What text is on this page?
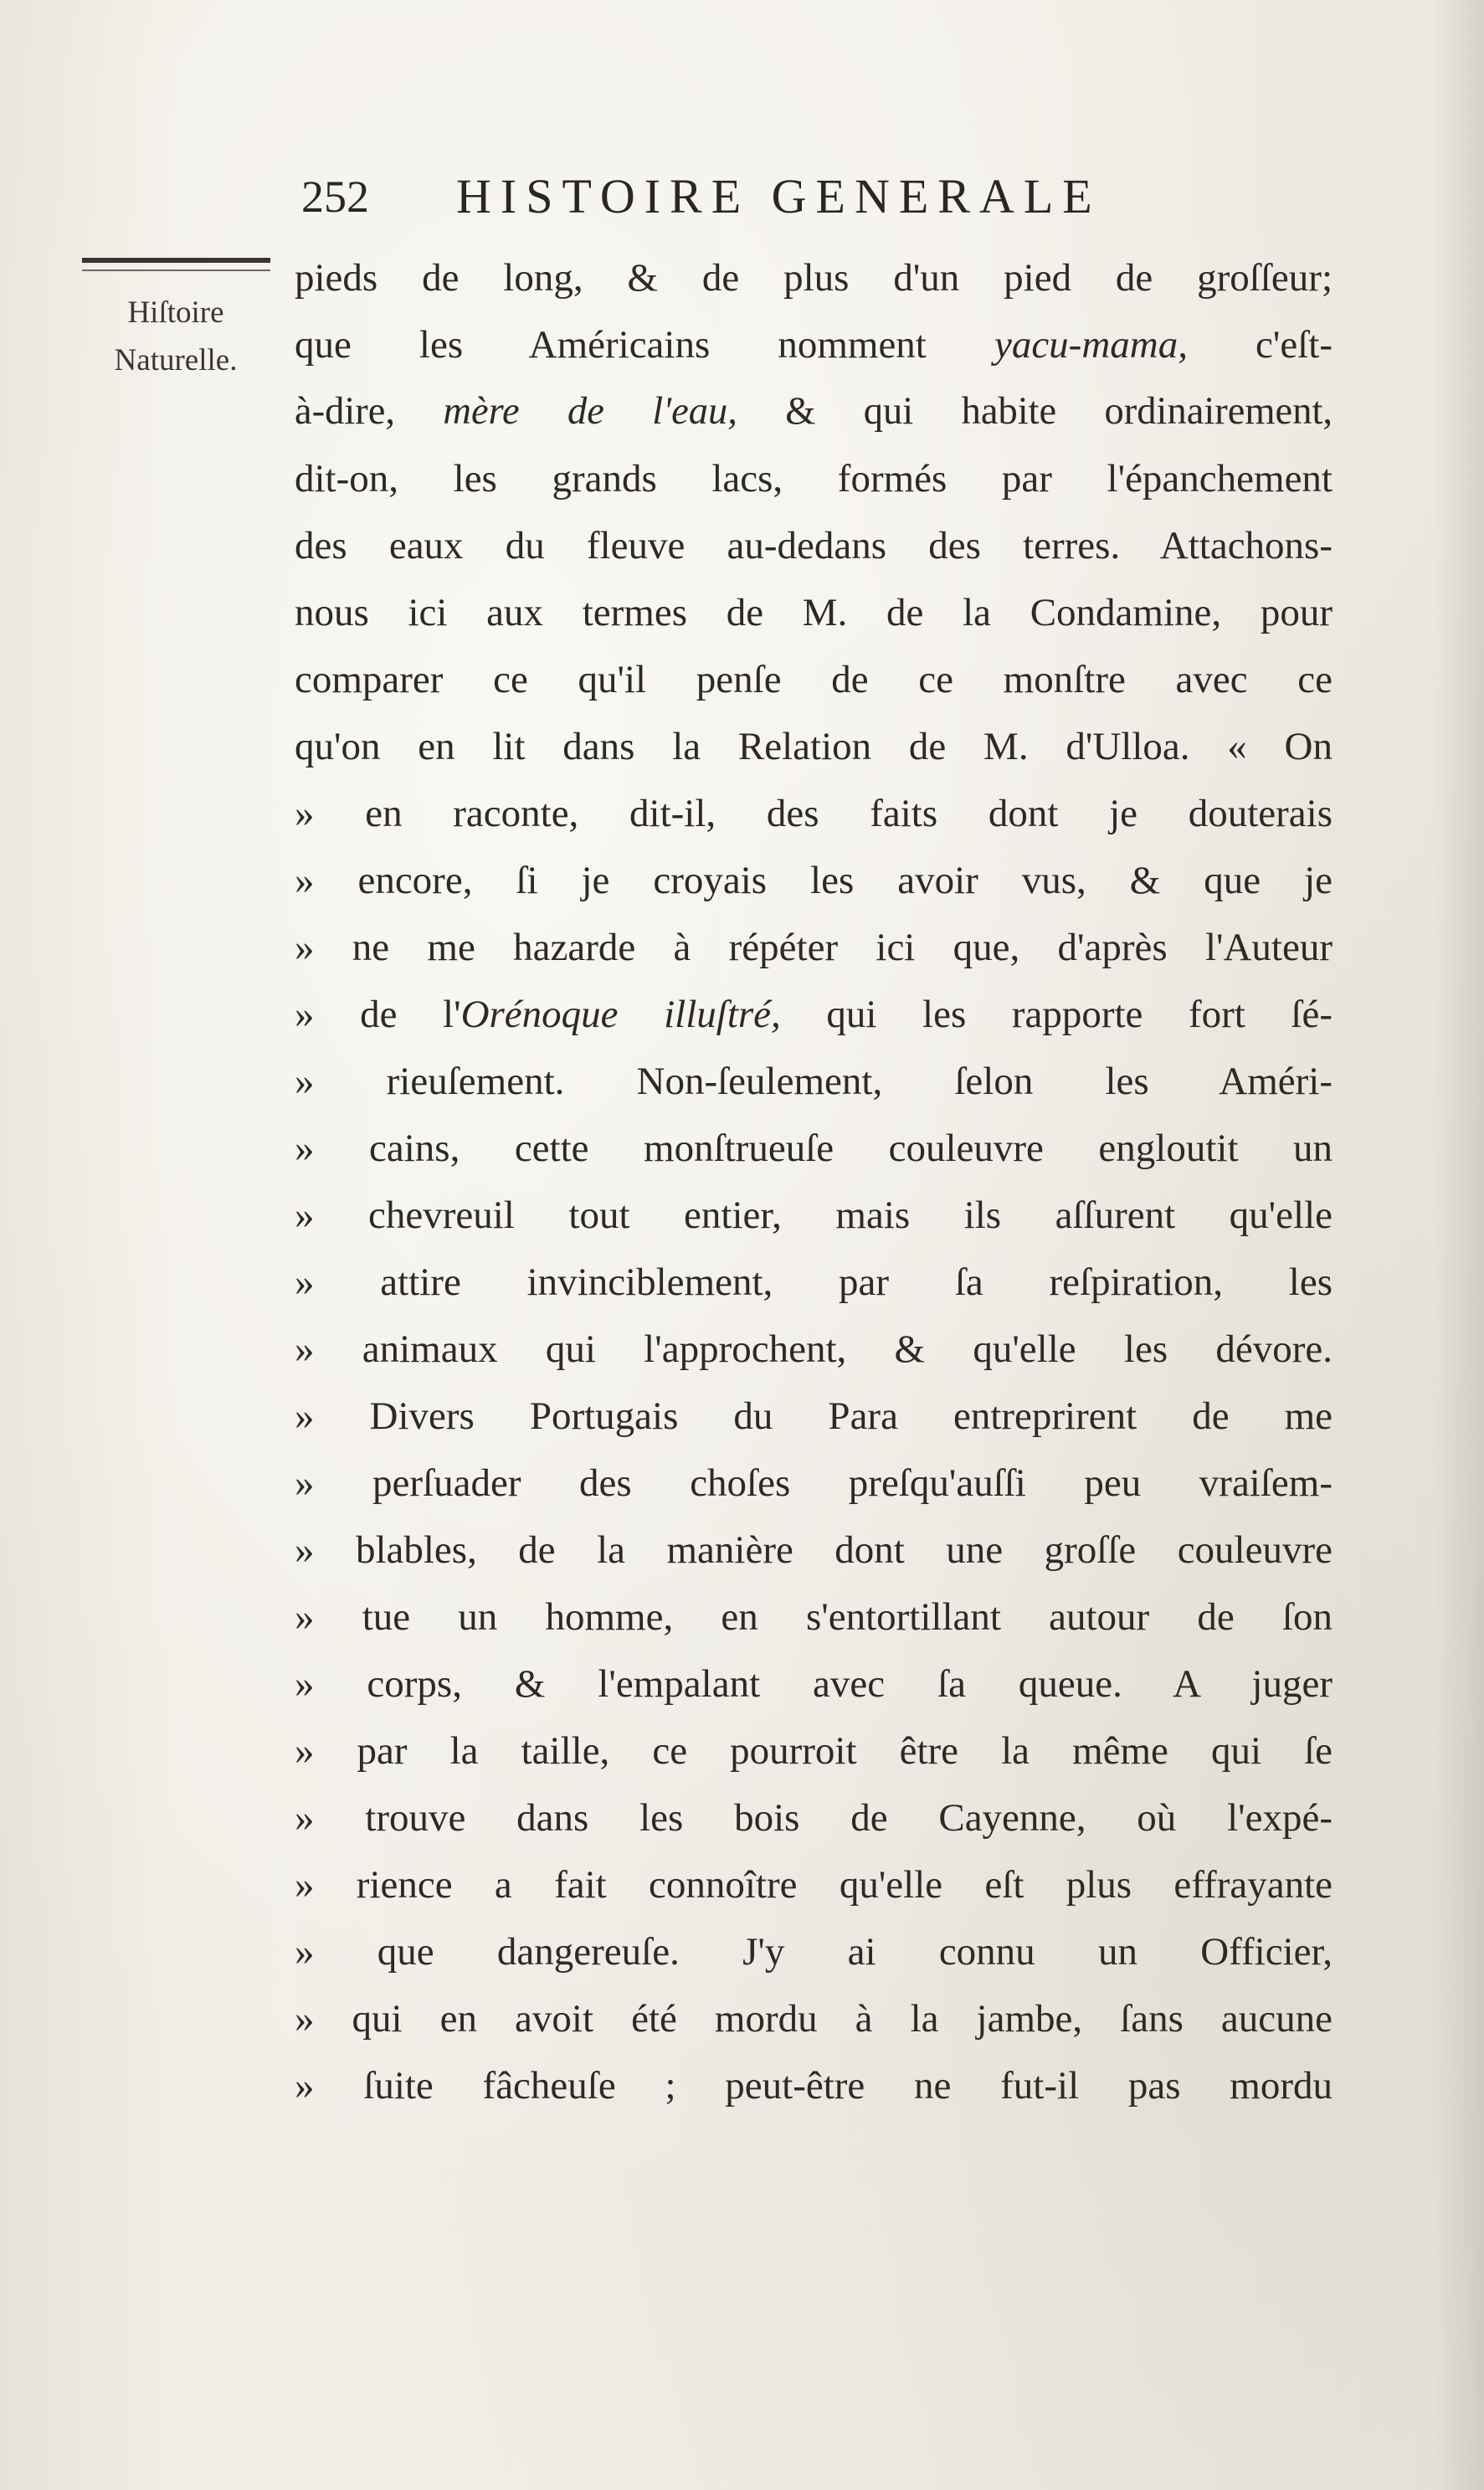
252 HISTOIRE GENERALE
Hiſtoire
Naturelle.
pieds de long, & de plus d'un pied de groſſeur;
que les Américains nomment yacu-mama, c'eſt-
à-dire, mère de l'eau, & qui habite ordinairement,
dit-on, les grands lacs, formés par l'épanchement
des eaux du fleuve au-dedans des terres. Attachons-
nous ici aux termes de M. de la Condamine, pour
comparer ce qu'il penſe de ce monſtre avec ce
qu'on en lit dans la Relation de M. d'Ulloa. « On
» en raconte, dit-il, des faits dont je douterais
» encore, ſi je croyais les avoir vus, & que je
» ne me hazarde à répéter ici que, d'après l'Auteur
» de l'Orénoque illuſtré, qui les rapporte fort ſé-
» rieuſement. Non-ſeulement, ſelon les Améri-
» cains, cette monſtrueuſe couleuvre engloutit un
» chevreuil tout entier, mais ils aſſurent qu'elle
» attire invinciblement, par ſa reſpiration, les
» animaux qui l'approchent, & qu'elle les dévore.
» Divers Portugais du Para entreprirent de me
» perſuader des choſes preſqu'auſſi peu vraiſem-
» blables, de la manière dont une groſſe couleuvre
» tue un homme, en s'entortillant autour de ſon
» corps, & l'empalant avec ſa queue. A juger
» par la taille, ce pourroit être la même qui ſe
» trouve dans les bois de Cayenne, où l'expé-
» rience a fait connoître qu'elle eſt plus effrayante
» que dangereuſe. J'y ai connu un Officier,
» qui en avoit été mordu à la jambe, ſans aucune
» ſuite fâcheuſe ; peut-être ne fut-il pas mordu
